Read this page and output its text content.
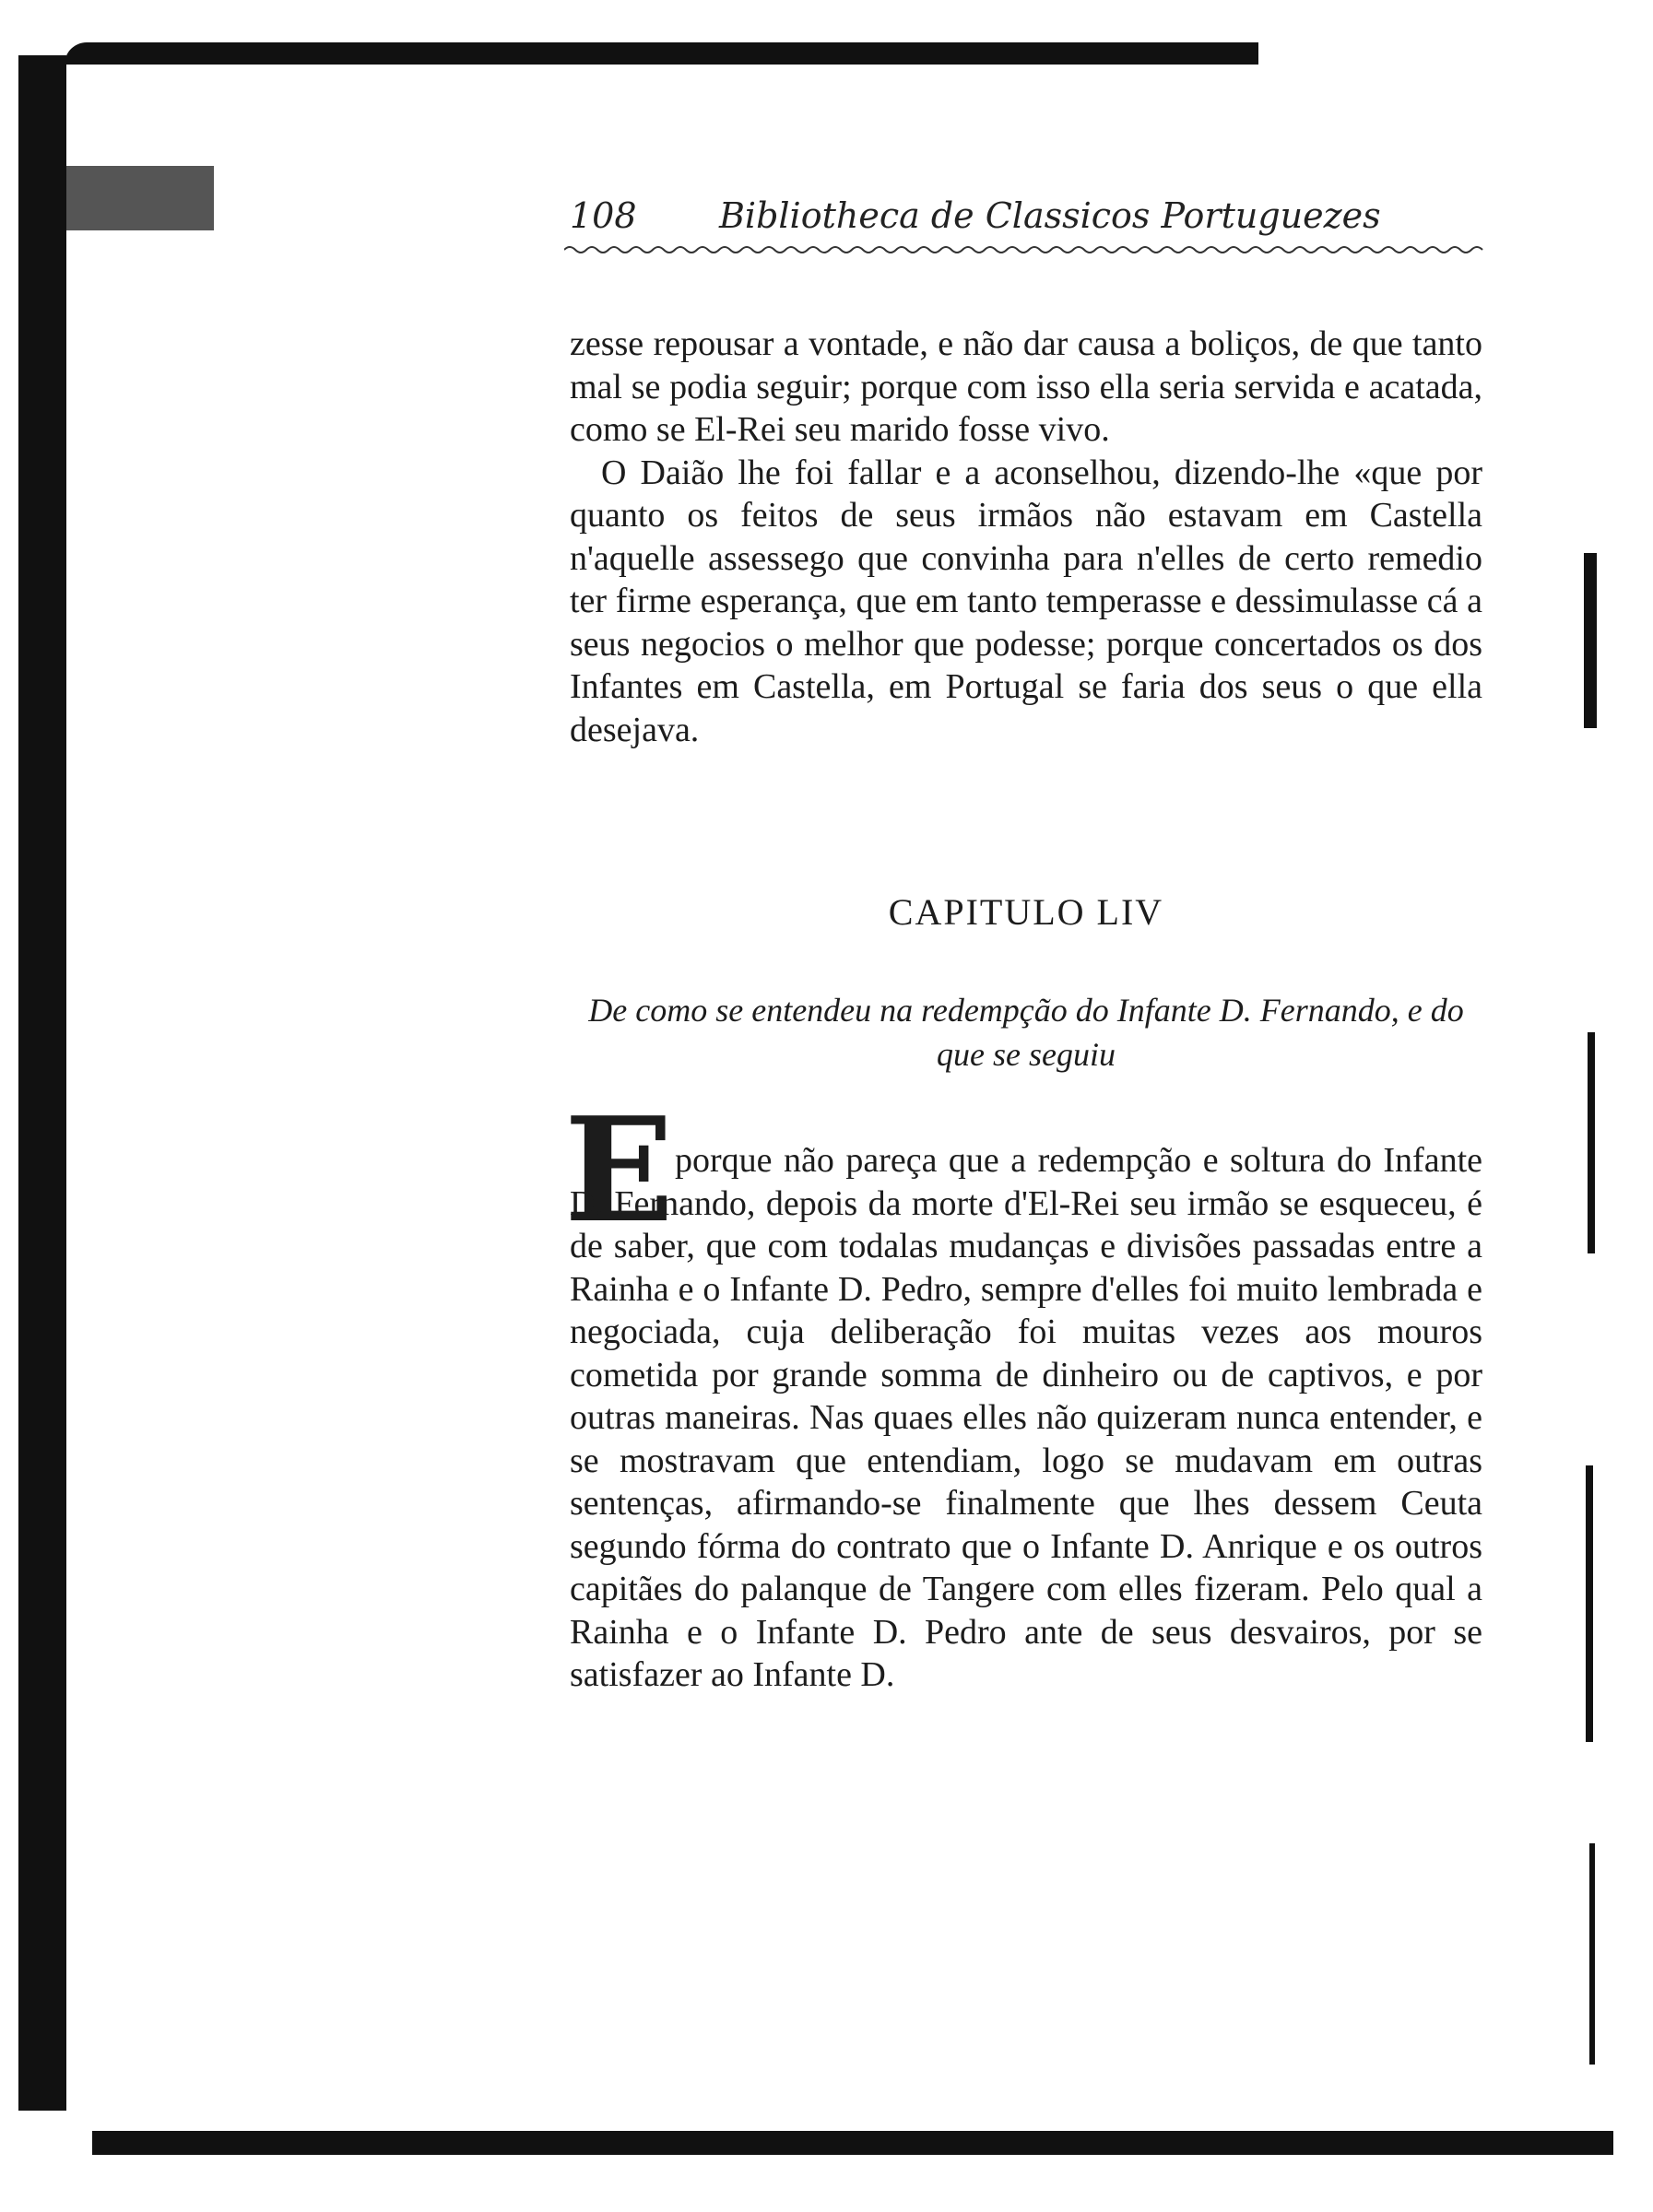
108 Bibliotheca de Classicos Portuguezes

zesse repousar a vontade, e não dar causa a boliços, de que tanto mal se podia seguir; porque com isso ella seria servida e acatada, como se El-Rei seu marido fosse vivo.

O Daião lhe foi fallar e a aconselhou, dizendo-lhe «que por quanto os feitos de seus irmãos não estavam em Castella n'aquelle assessego que convinha para n'elles de certo remedio ter firme esperança, que em tanto temperasse e dessimulasse cá a seus negocios o melhor que podesse; porque concertados os dos Infantes em Castella, em Portugal se faria dos seus o que ella desejava.

CAPITULO LIV
De como se entendeu na redempção do Infante D. Fernando, e do que se seguiu
E porque não pareça que a redempção e soltura do Infante D. Fernando, depois da morte d'El-Rei seu irmão se esqueceu, é de saber, que com todalas mudanças e divisões passadas entre a Rainha e o Infante D. Pedro, sempre d'elles foi muito lembrada e negociada, cuja deliberação foi muitas vezes aos mouros cometida por grande somma de dinheiro ou de captivos, e por outras maneiras. Nas quaes elles não quizeram nunca entender, e se mostravam que entendiam, logo se mudavam em outras sentenças, afirmando-se finalmente que lhes dessem Ceuta segundo fórma do contrato que o Infante D. Anrique e os outros capitães do palanque de Tangere com elles fizeram. Pelo qual a Rainha e o Infante D. Pedro ante de seus desvairos, por se satisfazer ao Infante D.
